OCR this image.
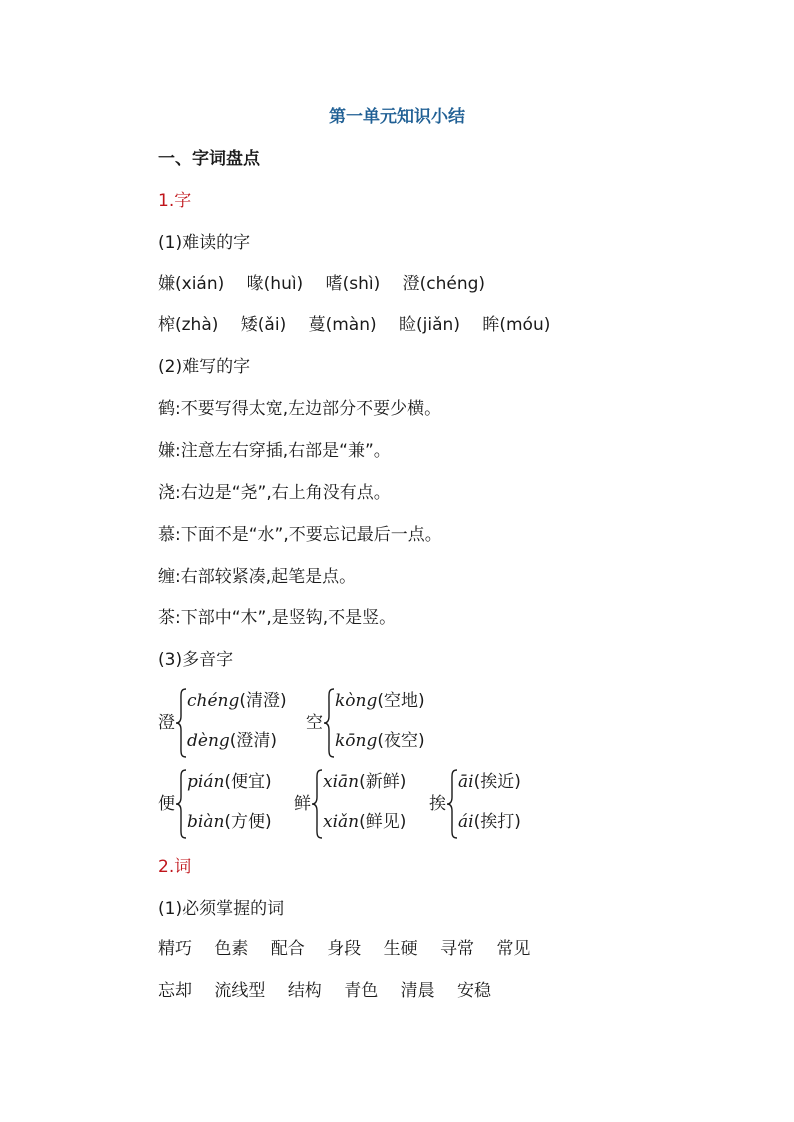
第一单元知识小结
一、字词盘点
1.字
(1)难读的字
嫌(xián) 喙(huì) 嗜(shì) 澄(chéng)
榨(zhà) 矮(ǎi) 蔓(màn) 睑(jiǎn) 眸(móu)
(2)难写的字
鹤:不要写得太宽,左边部分不要少横。
嫌:注意左右穿插,右部是“兼”。
浇:右边是“尧”,右上角没有点。
慕:下面不是“水”,不要忘记最后一点。
缠:右部较紧凑,起笔是点。
茶:下部中“木”,是竖钩,不是竖。
(3)多音字
澄
chéng(清澄)
dèng(澄清)
空
kòng(空地)
kōng(夜空)
便
pián(便宜)
biàn(方便)
鲜
xiān(新鲜)
xiǎn(鲜见)
挨
āi(挨近)
ái(挨打)
2.词
(1)必须掌握的词
精巧 色素 配合 身段 生硬 寻常 常见
忘却 流线型 结构 青色 清晨 安稳
